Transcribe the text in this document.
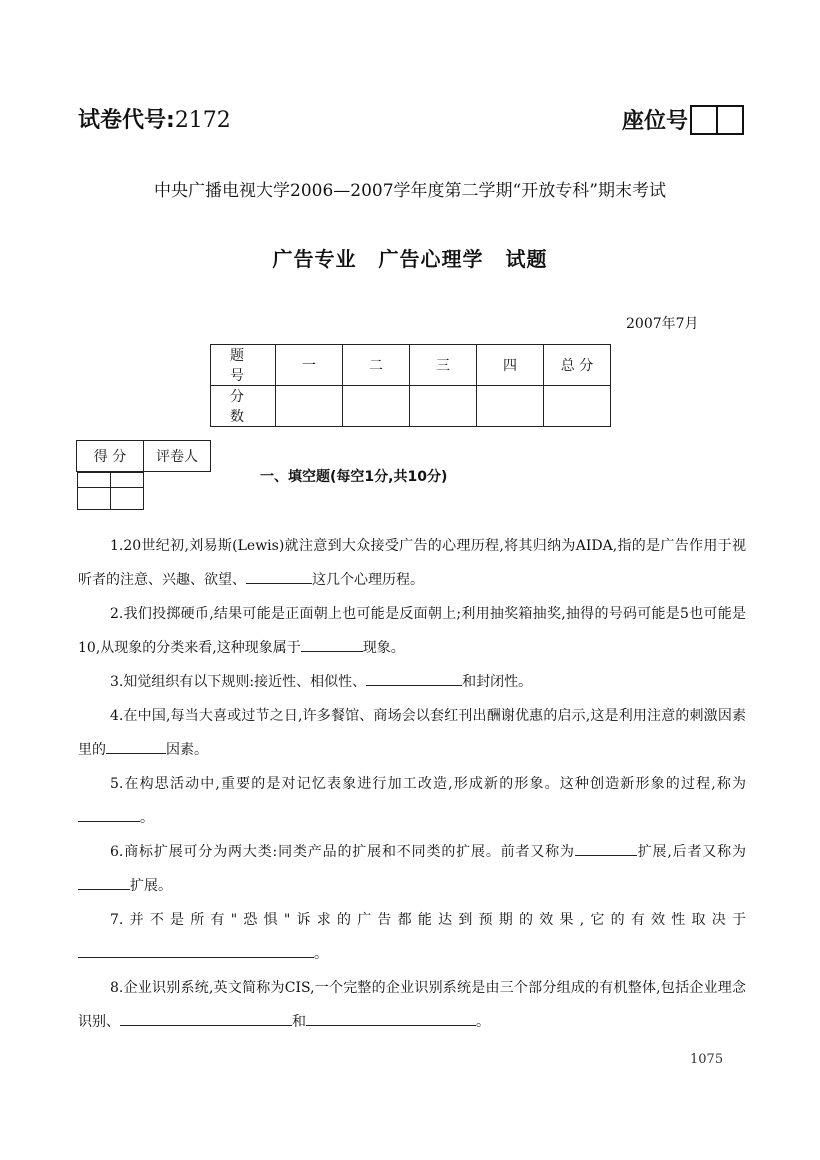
试卷代号:2172	座位号
中央广播电视大学2006—2007学年度第二学期“开放专科”期末考试
广告专业 广告心理学 试题
2007年7月
题 号	一	二	三	四	总 分
分 数					
得 分	评卷人

一、填空题(每空1分,共10分)
1.20世纪初,刘易斯(Lewis)就注意到大众接受广告的心理历程,将其归纳为AIDA,指的是广告作用于视听者的注意、兴趣、欲望、	这几个心理历程。
2.我们投掷硬币,结果可能是正面朝上也可能是反面朝上;利用抽奖箱抽奖,抽得的号码可能是5也可能是10,从现象的分类来看,这种现象属于	现象。
3.知觉组织有以下规则:接近性、相似性、	和封闭性。
4.在中国,每当大喜或过节之日,许多餐馆、商场会以套红刊出酬谢优惠的启示,这是利用注意的刺激因素里的	因素。
5.在构思活动中,重要的是对记忆表象进行加工改造,形成新的形象。这种创造新形象的过程,称为。
6.商标扩展可分为两大类:同类产品的扩展和不同类的扩展。前者又称为	扩展,后者又称为扩展。
7.并不是所有"恐惧"诉求的广告都能达到预期的效果,它的有效性取决于。
8.企业识别系统,英文简称为CIS,一个完整的企业识别系统是由三个部分组成的有机整体,包括企业理念识别、	和	。
1075
